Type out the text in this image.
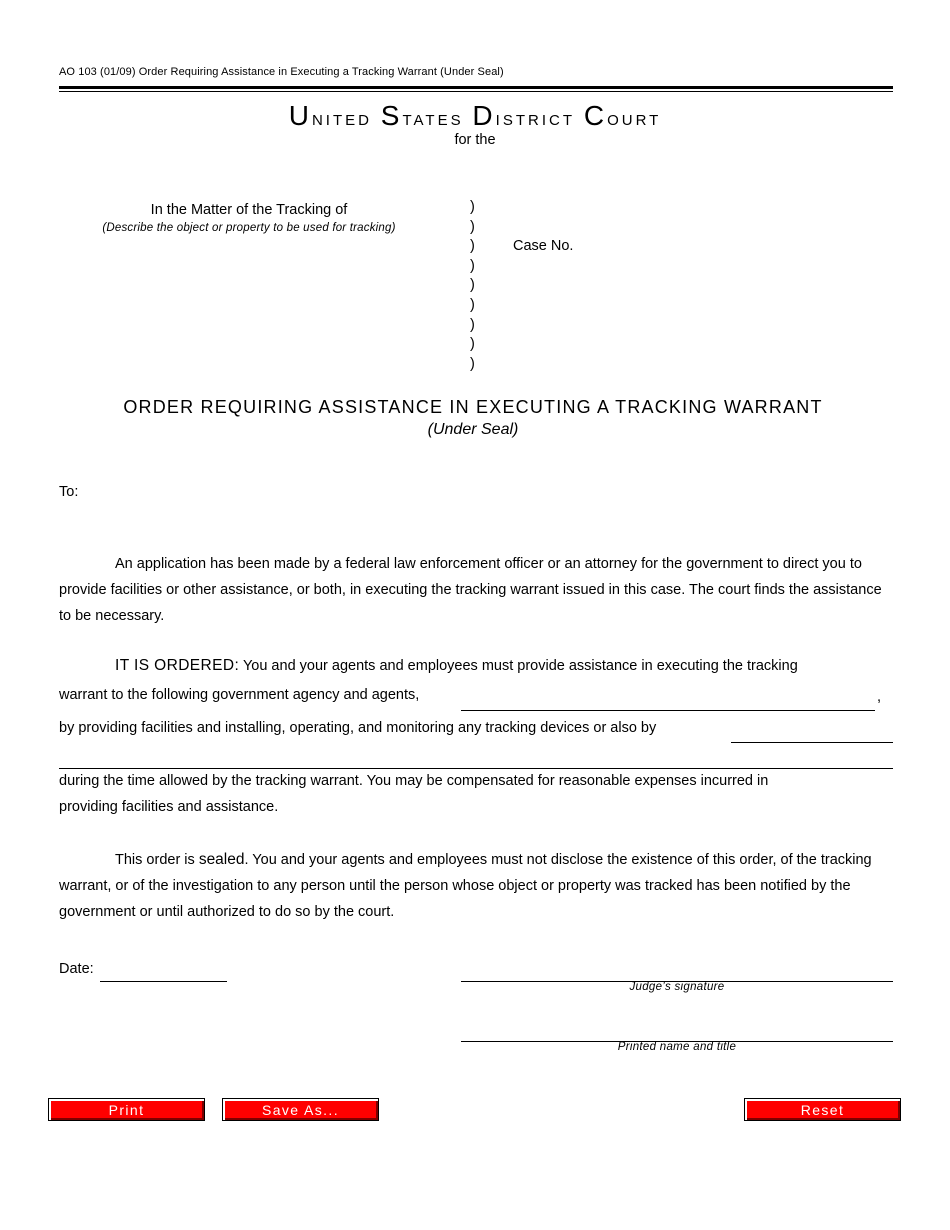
AO 103 (01/09) Order Requiring Assistance in Executing a Tracking Warrant (Under Seal)
United States District Court
for the
In the Matter of the Tracking of
(Describe the object or property to be used for tracking)
)
)
)
)
)
)
)
)
)
Case No.
ORDER REQUIRING ASSISTANCE IN EXECUTING A TRACKING WARRANT
(Under Seal)
To:

An application has been made by a federal law enforcement officer or an attorney for the government to direct you to provide facilities or other assistance, or both, in executing the tracking warrant issued in this case. The court finds the assistance to be necessary.

IT IS ORDERED: You and your agents and employees must provide assistance in executing the tracking
warrant to the following government agency and agents,	,
by providing facilities and installing, operating, and monitoring any tracking devices or also by
during the time allowed by the tracking warrant. You may be compensated for reasonable expenses incurred in
providing facilities and assistance.

This order is sealed. You and your agents and employees must not disclose the existence of this order, of the tracking warrant, or of the investigation to any person until the person whose object or property was tracked has been notified by the government or until authorized to do so by the court.

Date:
Judge’s signature
Printed name and title
Print	Save As...	Reset
